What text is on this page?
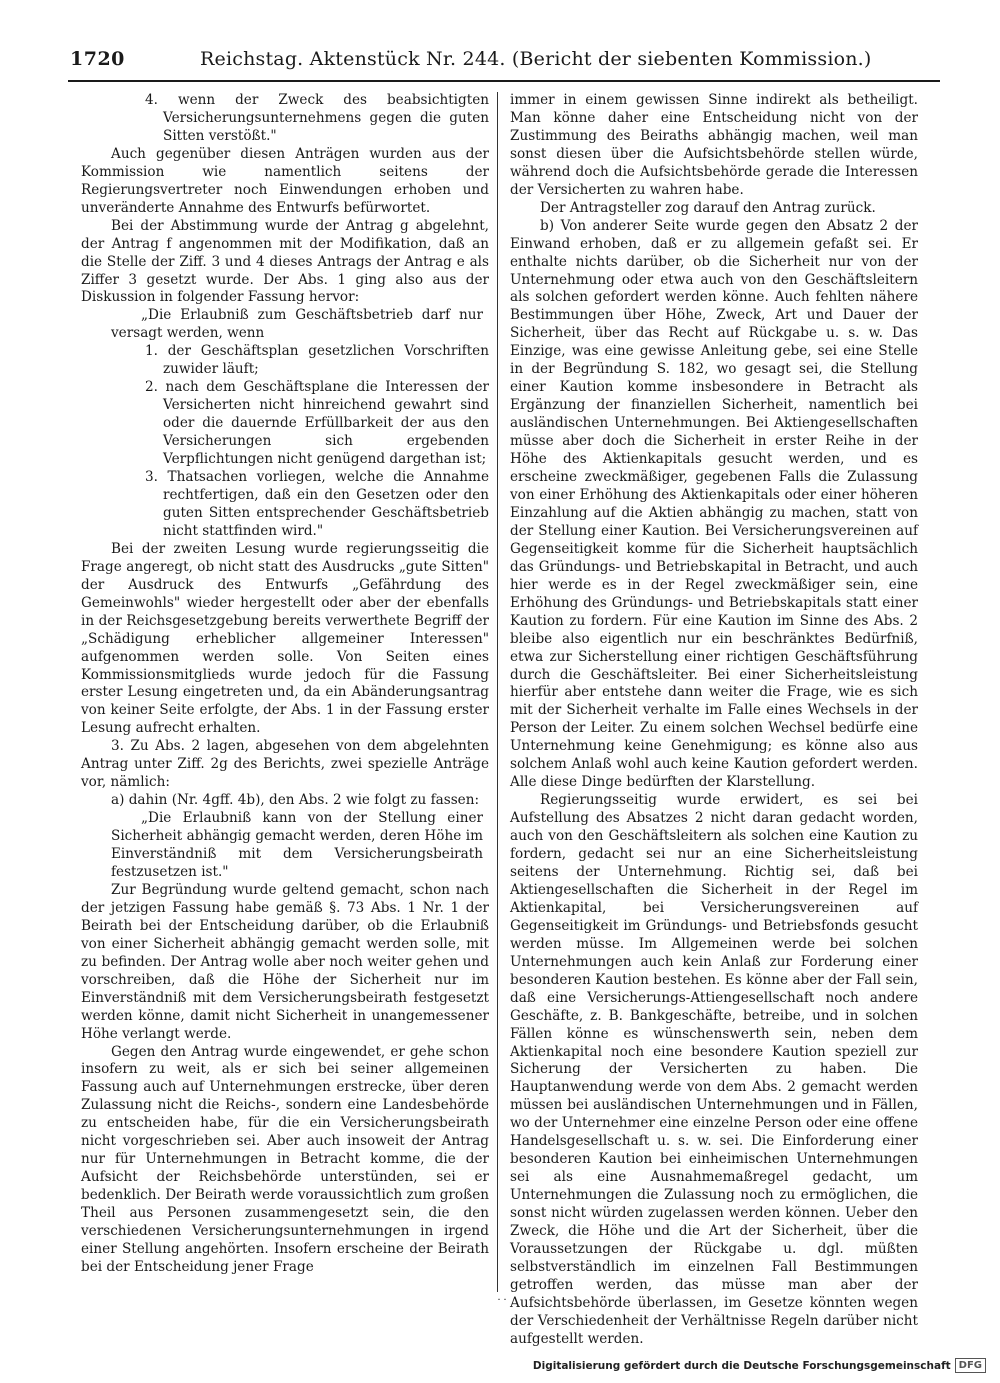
1720	Reichstag. Aktenstück Nr. 244. (Bericht der siebenten Kommission.)

4. wenn der Zweck des beabsichtigten Versicherungsunternehmens gegen die guten Sitten verstößt."

Auch gegenüber diesen Anträgen wurden aus der Kommission wie namentlich seitens der Regierungsvertreter noch Einwendungen erhoben und unveränderte Annahme des Entwurfs befürwortet.

Bei der Abstimmung wurde der Antrag g abgelehnt, der Antrag f angenommen mit der Modifikation, daß an die Stelle der Ziff. 3 und 4 dieses Antrags der Antrag e als Ziffer 3 gesetzt wurde. Der Abs. 1 ging also aus der Diskussion in folgender Fassung hervor:

„Die Erlaubniß zum Geschäftsbetrieb darf nur versagt werden, wenn

1. der Geschäftsplan gesetzlichen Vorschriften zuwider läuft;

2. nach dem Geschäftsplane die Interessen der Versicherten nicht hinreichend gewahrt sind oder die dauernde Erfüllbarkeit der aus den Versicherungen sich ergebenden Verpflichtungen nicht genügend dargethan ist;

3. Thatsachen vorliegen, welche die Annahme rechtfertigen, daß ein den Gesetzen oder den guten Sitten entsprechender Geschäftsbetrieb nicht stattfinden wird."

Bei der zweiten Lesung wurde regierungsseitig die Frage angeregt, ob nicht statt des Ausdrucks „gute Sitten" der Ausdruck des Entwurfs „Gefährdung des Gemeinwohls" wieder hergestellt oder aber der ebenfalls in der Reichsgesetzgebung bereits verwerthete Begriff der „Schädigung erheblicher allgemeiner Interessen" aufgenommen werden solle. Von Seiten eines Kommissionsmitglieds wurde jedoch für die Fassung erster Lesung eingetreten und, da ein Abänderungsantrag von keiner Seite erfolgte, der Abs. 1 in der Fassung erster Lesung aufrecht erhalten.

3. Zu Abs. 2 lagen, abgesehen von dem abgelehnten Antrag unter Ziff. 2g des Berichts, zwei spezielle Anträge vor, nämlich:

a) dahin (Nr. 4gff. 4b), den Abs. 2 wie folgt zu fassen:

„Die Erlaubniß kann von der Stellung einer Sicherheit abhängig gemacht werden, deren Höhe im Einverständniß mit dem Versicherungsbeirath festzusetzen ist."

Zur Begründung wurde geltend gemacht, schon nach der jetzigen Fassung habe gemäß §. 73 Abs. 1 Nr. 1 der Beirath bei der Entscheidung darüber, ob die Erlaubniß von einer Sicherheit abhängig gemacht werden solle, mit zu befinden. Der Antrag wolle aber noch weiter gehen und vorschreiben, daß die Höhe der Sicherheit nur im Einverständniß mit dem Versicherungsbeirath festgesetzt werden könne, damit nicht Sicherheit in unangemessener Höhe verlangt werde.

Gegen den Antrag wurde eingewendet, er gehe schon insofern zu weit, als er sich bei seiner allgemeinen Fassung auch auf Unternehmungen erstrecke, über deren Zulassung nicht die Reichs-, sondern eine Landesbehörde zu entscheiden habe, für die ein Versicherungsbeirath nicht vorgeschrieben sei. Aber auch insoweit der Antrag nur für Unternehmungen in Betracht komme, die der Aufsicht der Reichsbehörde unterstünden, sei er bedenklich. Der Beirath werde voraussichtlich zum großen Theil aus Personen zusammengesetzt sein, die den verschiedenen Versicherungsunternehmungen in irgend einer Stellung angehörten. Insofern erscheine der Beirath bei der Entscheidung jener Frage

immer in einem gewissen Sinne indirekt als betheiligt. Man könne daher eine Entscheidung nicht von der Zustimmung des Beiraths abhängig machen, weil man sonst diesen über die Aufsichtsbehörde stellen würde, während doch die Aufsichtsbehörde gerade die Interessen der Versicherten zu wahren habe.

Der Antragsteller zog darauf den Antrag zurück.

b) Von anderer Seite wurde gegen den Absatz 2 der Einwand erhoben, daß er zu allgemein gefaßt sei. Er enthalte nichts darüber, ob die Sicherheit nur von der Unternehmung oder etwa auch von den Geschäftsleitern als solchen gefordert werden könne. Auch fehlten nähere Bestimmungen über Höhe, Zweck, Art und Dauer der Sicherheit, über das Recht auf Rückgabe u. s. w. Das Einzige, was eine gewisse Anleitung gebe, sei eine Stelle in der Begründung S. 182, wo gesagt sei, die Stellung einer Kaution komme insbesondere in Betracht als Ergänzung der finanziellen Sicherheit, namentlich bei ausländischen Unternehmungen. Bei Aktiengesellschaften müsse aber doch die Sicherheit in erster Reihe in der Höhe des Aktienkapitals gesucht werden, und es erscheine zweckmäßiger, gegebenen Falls die Zulassung von einer Erhöhung des Aktienkapitals oder einer höheren Einzahlung auf die Aktien abhängig zu machen, statt von der Stellung einer Kaution. Bei Versicherungsvereinen auf Gegenseitigkeit komme für die Sicherheit hauptsächlich das Gründungs- und Betriebskapital in Betracht, und auch hier werde es in der Regel zweckmäßiger sein, eine Erhöhung des Gründungs- und Betriebskapitals statt einer Kaution zu fordern. Für eine Kaution im Sinne des Abs. 2 bleibe also eigentlich nur ein beschränktes Bedürfniß, etwa zur Sicherstellung einer richtigen Geschäftsführung durch die Geschäftsleiter. Bei einer Sicherheitsleistung hierfür aber entstehe dann weiter die Frage, wie es sich mit der Sicherheit verhalte im Falle eines Wechsels in der Person der Leiter. Zu einem solchen Wechsel bedürfe eine Unternehmung keine Genehmigung; es könne also aus solchem Anlaß wohl auch keine Kaution gefordert werden. Alle diese Dinge bedürften der Klarstellung.

Regierungsseitig wurde erwidert, es sei bei Aufstellung des Absatzes 2 nicht daran gedacht worden, auch von den Geschäftsleitern als solchen eine Kaution zu fordern, gedacht sei nur an eine Sicherheitsleistung seitens der Unternehmung. Richtig sei, daß bei Aktiengesellschaften die Sicherheit in der Regel im Aktienkapital, bei Versicherungsvereinen auf Gegenseitigkeit im Gründungs- und Betriebsfonds gesucht werden müsse. Im Allgemeinen werde bei solchen Unternehmungen auch kein Anlaß zur Forderung einer besonderen Kaution bestehen. Es könne aber der Fall sein, daß eine Versicherungs-Attiengesellschaft noch andere Geschäfte, z. B. Bankgeschäfte, betreibe, und in solchen Fällen könne es wünschenswerth sein, neben dem Aktienkapital noch eine besondere Kaution speziell zur Sicherung der Versicherten zu haben. Die Hauptanwendung werde von dem Abs. 2 gemacht werden müssen bei ausländischen Unternehmungen und in Fällen, wo der Unternehmer eine einzelne Person oder eine offene Handelsgesellschaft u. s. w. sei. Die Einforderung einer besonderen Kaution bei einheimischen Unternehmungen sei als eine Ausnahmemaßregel gedacht, um Unternehmungen die Zulassung noch zu ermöglichen, die sonst nicht würden zugelassen werden können. Ueber den Zweck, die Höhe und die Art der Sicherheit, über die Voraussetzungen der Rückgabe u. dgl. müßten selbstverständlich im einzelnen Fall Bestimmungen getroffen werden, das müsse man aber der Aufsichtsbehörde überlassen, im Gesetze könnten wegen der Verschiedenheit der Verhältnisse Regeln darüber nicht aufgestellt werden.

˙˙
Digitalisierung gefördert durch die Deutsche Forschungsgemeinschaft DFG
